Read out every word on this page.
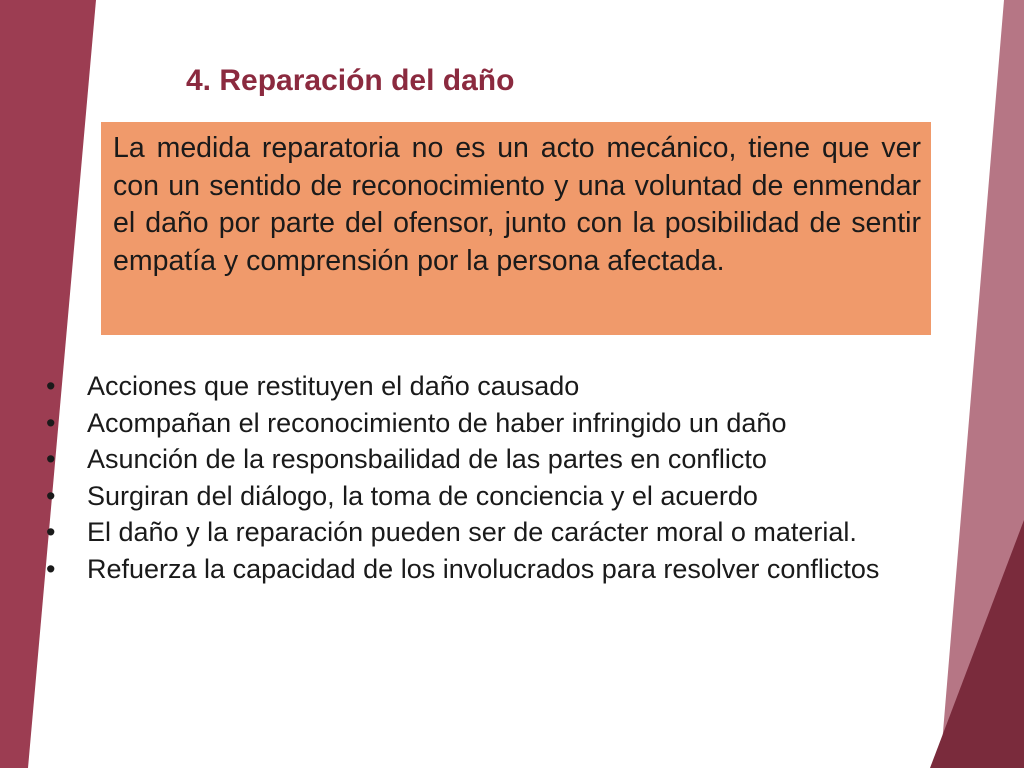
4. Reparación del daño
La medida reparatoria no es un acto mecánico, tiene que ver con un sentido de reconocimiento y una voluntad de enmendar el daño por parte del ofensor, junto con la posibilidad de sentir empatía y comprensión por la persona afectada.
• Acciones que restituyen el daño causado
• Acompañan el reconocimiento de haber infringido un daño
• Asunción de la responsbailidad de las partes en conflicto
• Surgiran del diálogo, la toma de conciencia y el acuerdo
• El daño y la reparación pueden ser de carácter moral o material.
• Refuerza la capacidad de los involucrados para resolver conflictos
